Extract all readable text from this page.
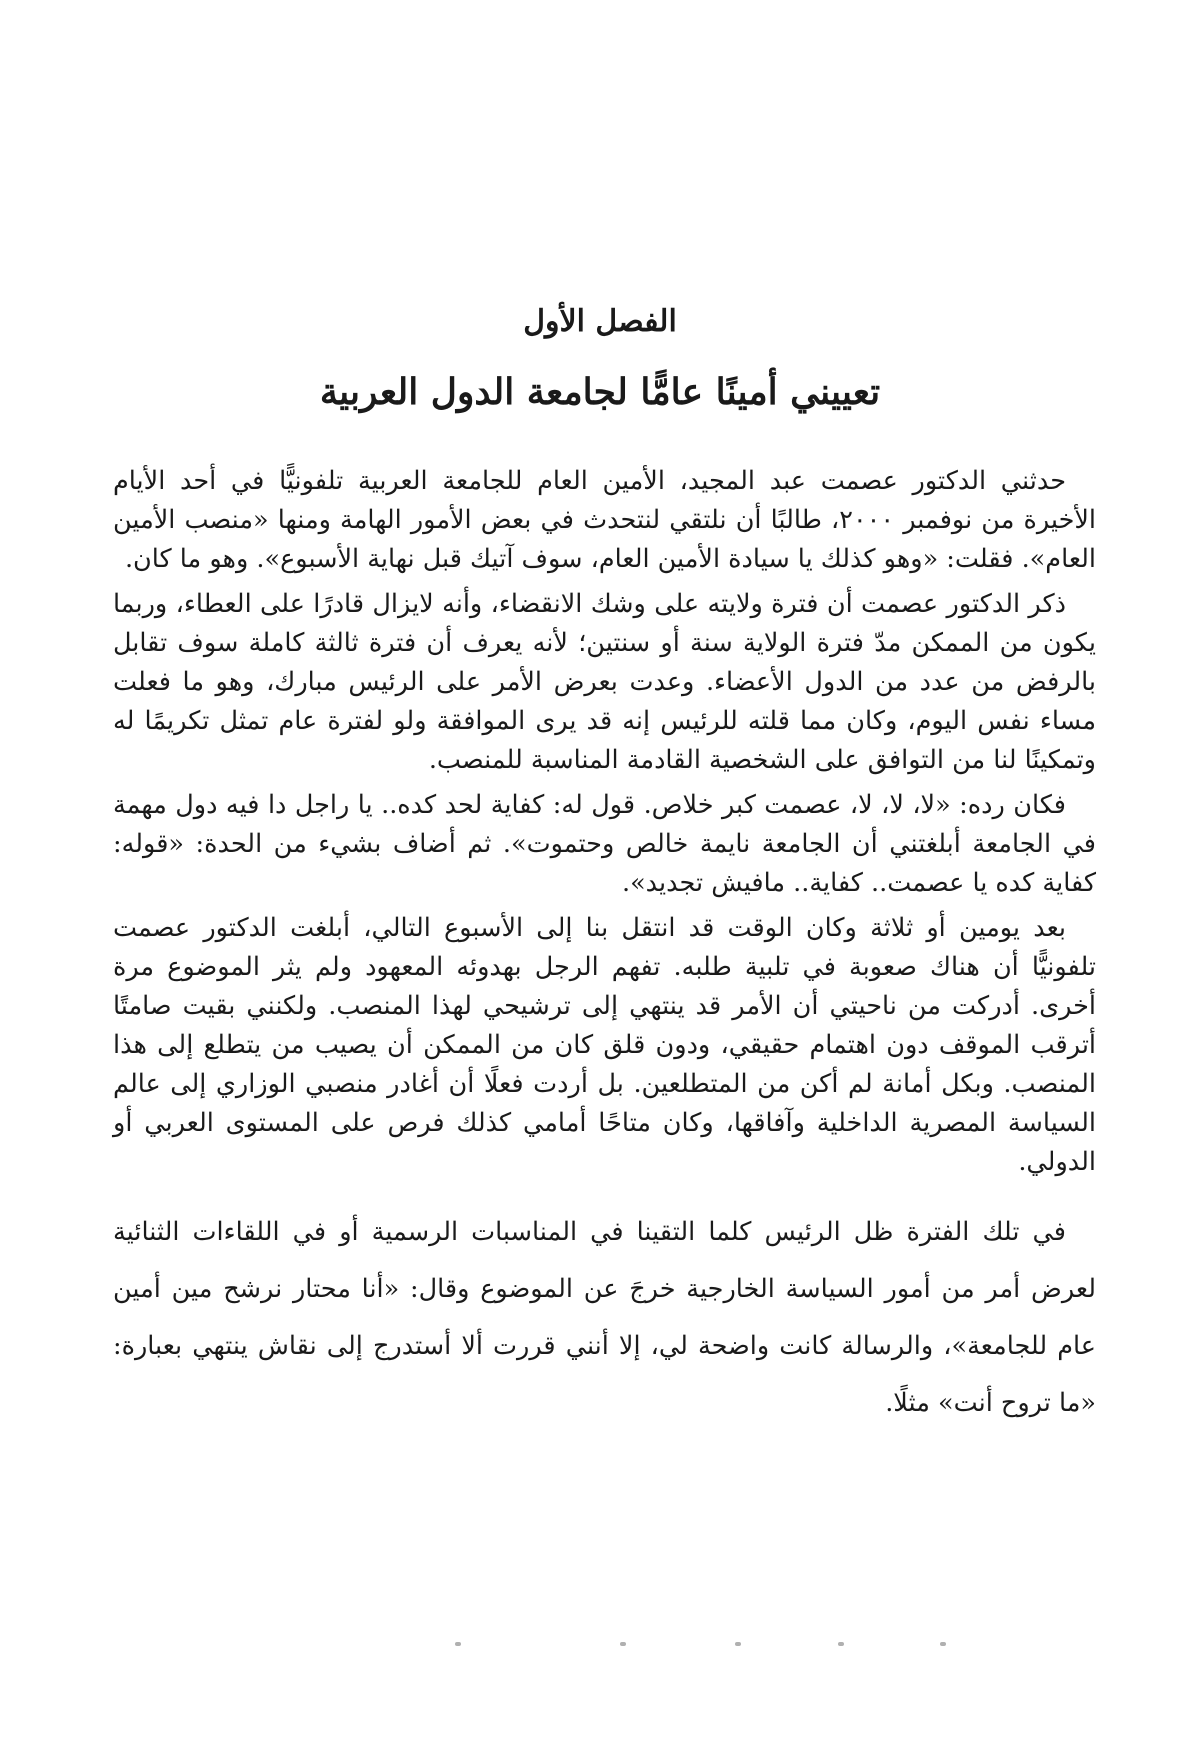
الفصل الأول
تعييني أمينًا عامًّا لجامعة الدول العربية

حدثني الدكتور عصمت عبد المجيد، الأمين العام للجامعة العربية تلفونيًّا في أحد الأيام الأخيرة من نوفمبر ٢٠٠٠، طالبًا أن نلتقي لنتحدث في بعض الأمور الهامة ومنها «منصب الأمين العام». فقلت: «وهو كذلك يا سيادة الأمين العام، سوف آتيك قبل نهاية الأسبوع». وهو ما كان.

ذكر الدكتور عصمت أن فترة ولايته على وشك الانقضاء، وأنه لايزال قادرًا على العطاء، وربما يكون من الممكن مدّ فترة الولاية سنة أو سنتين؛ لأنه يعرف أن فترة ثالثة كاملة سوف تقابل بالرفض من عدد من الدول الأعضاء. وعدت بعرض الأمر على الرئيس مبارك، وهو ما فعلت مساء نفس اليوم، وكان مما قلته للرئيس إنه قد يرى الموافقة ولو لفترة عام تمثل تكريمًا له وتمكينًا لنا من التوافق على الشخصية القادمة المناسبة للمنصب.

فكان رده: «لا، لا، لا، عصمت كبر خلاص. قول له: كفاية لحد كده.. يا راجل دا فيه دول مهمة في الجامعة أبلغتني أن الجامعة نايمة خالص وحتموت». ثم أضاف بشيء من الحدة: «قوله: كفاية كده يا عصمت.. كفاية.. مافيش تجديد».

بعد يومين أو ثلاثة وكان الوقت قد انتقل بنا إلى الأسبوع التالي، أبلغت الدكتور عصمت تلفونيًّا أن هناك صعوبة في تلبية طلبه. تفهم الرجل بهدوئه المعهود ولم يثر الموضوع مرة أخرى. أدركت من ناحيتي أن الأمر قد ينتهي إلى ترشيحي لهذا المنصب. ولكنني بقيت صامتًا أترقب الموقف دون اهتمام حقيقي، ودون قلق كان من الممكن أن يصيب من يتطلع إلى هذا المنصب. وبكل أمانة لم أكن من المتطلعين. بل أردت فعلًا أن أغادر منصبي الوزاري إلى عالم السياسة المصرية الداخلية وآفاقها، وكان متاحًا أمامي كذلك فرص على المستوى العربي أو الدولي.

في تلك الفترة ظل الرئيس كلما التقينا في المناسبات الرسمية أو في اللقاءات الثنائية لعرض أمر من أمور السياسة الخارجية خرجَ عن الموضوع وقال: «أنا محتار نرشح مين أمين عام للجامعة»، والرسالة كانت واضحة لي، إلا أنني قررت ألا أستدرج إلى نقاش ينتهي بعبارة: «ما تروح أنت» مثلًا.
